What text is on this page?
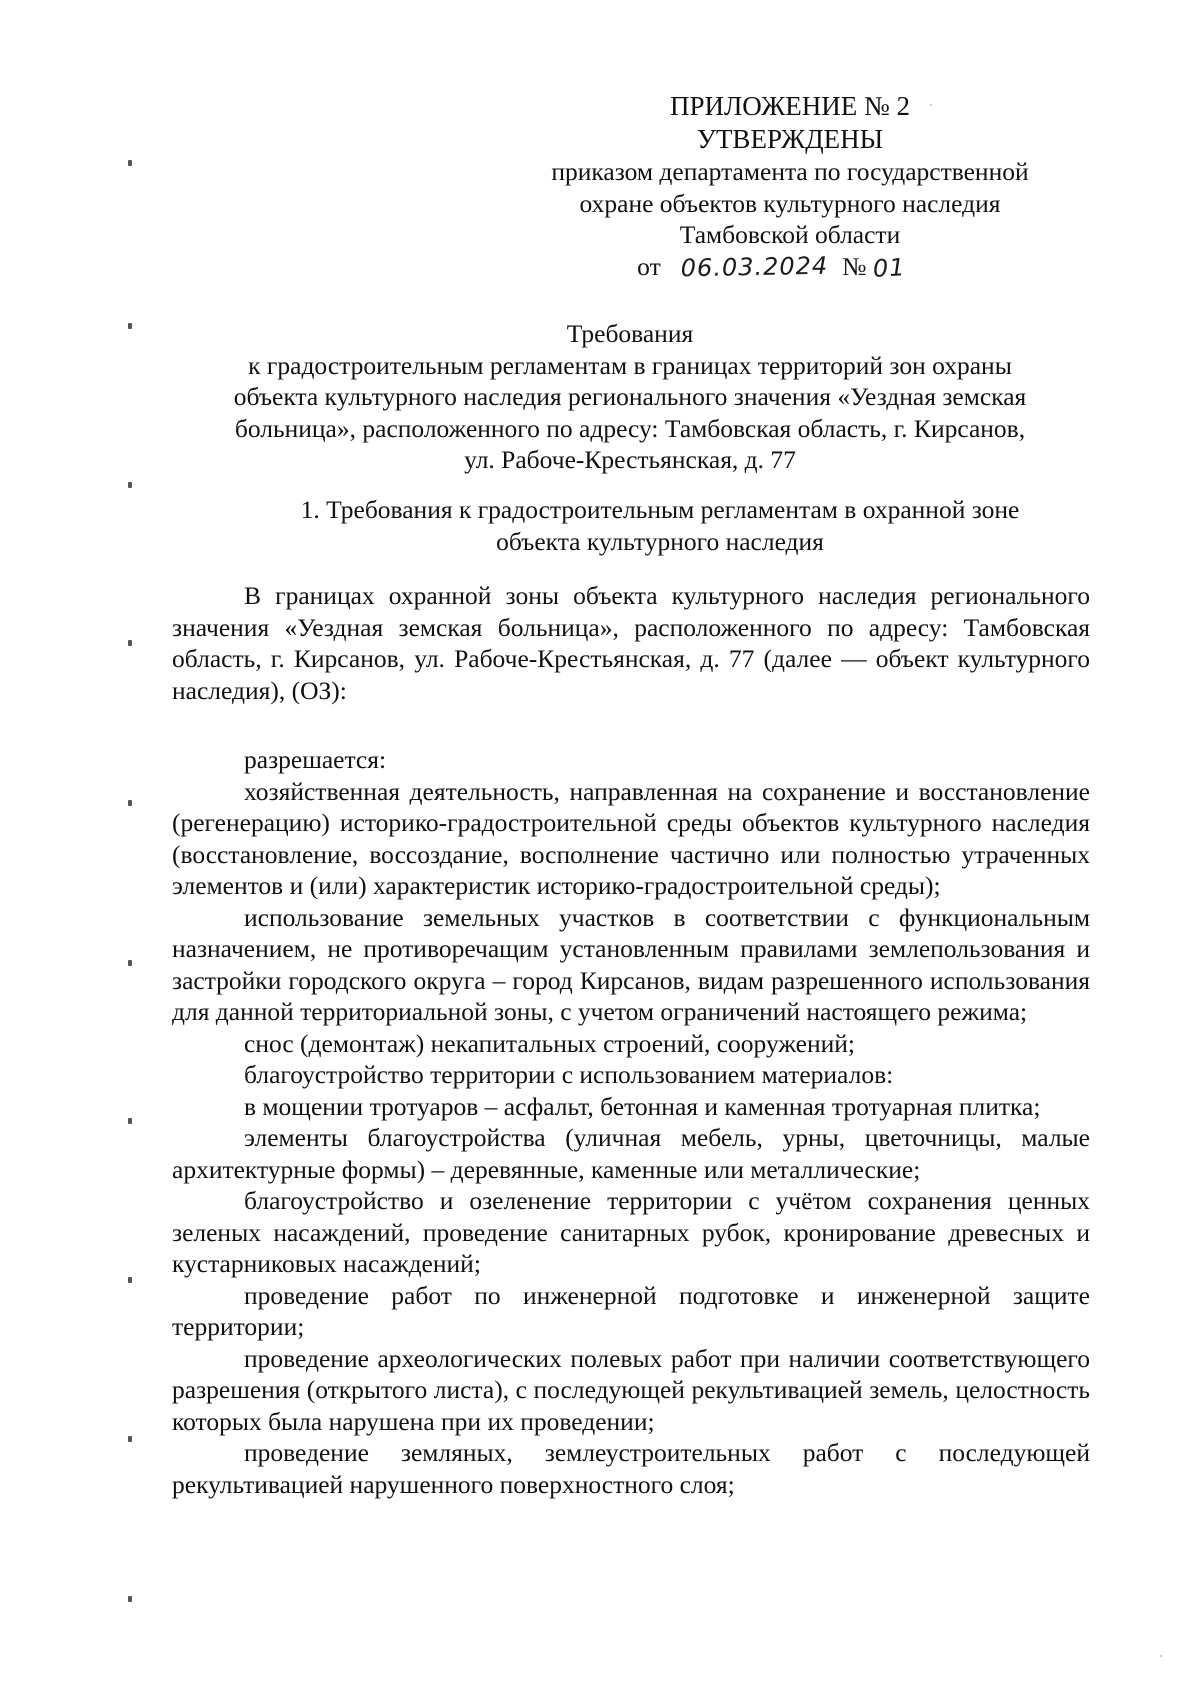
ПРИЛОЖЕНИЕ № 2
УТВЕРЖДЕНЫ
приказом департамента по государственной
охране объектов культурного наследия
Тамбовской области
от 06.03.2024 № 01
Требования
к градостроительным регламентам в границах территорий зон охраны
объекта культурного наследия регионального значения «Уездная земская
больница», расположенного по адресу: Тамбовская область, г. Кирсанов,
ул. Рабоче-Крестьянская, д. 77
1. Требования к градостроительным регламентам в охранной зоне
объекта культурного наследия

В границах охранной зоны объекта культурного наследия регионального значения «Уездная земская больница», расположенного по адресу: Тамбовская область, г. Кирсанов, ул. Рабоче-Крестьянская, д. 77 (далее — объект культурного наследия), (ОЗ):

разрешается:

хозяйственная деятельность, направленная на сохранение и восстановление (регенерацию) историко-градостроительной среды объектов культурного наследия (восстановление, воссоздание, восполнение частично или полностью утраченных элементов и (или) характеристик историко-градостроительной среды);

использование земельных участков в соответствии с функциональным назначением, не противоречащим установленным правилами землепользования и застройки городского округа – город Кирсанов, видам разрешенного использования для данной территориальной зоны, с учетом ограничений настоящего режима;

снос (демонтаж) некапитальных строений, сооружений;

благоустройство территории с использованием материалов:

в мощении тротуаров – асфальт, бетонная и каменная тротуарная плитка;

элементы благоустройства (уличная мебель, урны, цветочницы, малые архитектурные формы) – деревянные, каменные или металлические;

благоустройство и озеленение территории с учётом сохранения ценных зеленых насаждений, проведение санитарных рубок, кронирование древесных и кустарниковых насаждений;

проведение работ по инженерной подготовке и инженерной защите территории;

проведение археологических полевых работ при наличии соответствующего разрешения (открытого листа), с последующей рекультивацией земель, целостность которых была нарушена при их проведении;

проведение земляных, землеустроительных работ с последующей рекультивацией нарушенного поверхностного слоя;
